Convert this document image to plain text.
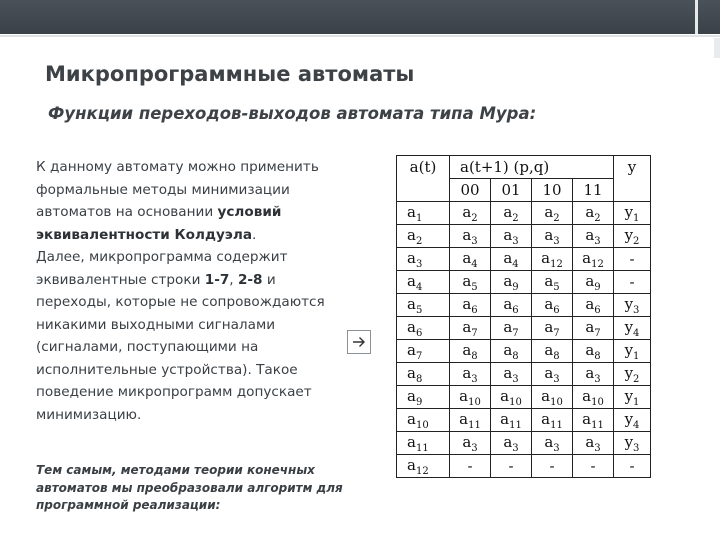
Микропрограммные автоматы
Функции переходов-выходов автомата типа Мура:
К данному автомату можно применить формальные методы минимизации автоматов на основании условий эквивалентности Колдуэла.
Далее, микропрограмма содержит эквивалентные строки 1-7, 2-8 и переходы, которые не сопровождаются никакими выходными сигналами (сигналами, поступающими на исполнительные устройства). Такое поведение микропрограмм допускает минимизацию.
Тем самым, методами теории конечных автоматов мы преобразовали алгоритм для программной реализации:
a(t)	a(t+1) (p,q)				y
	00	01	10	11	
$a_1$	$a_2$	$a_2$	$a_2$	$a_2$	$y_1$
$a_2$	$a_3$	$a_3$	$a_3$	$a_3$	$y_2$
$a_3$	$a_4$	$a_4$	$a_{12}$	$a_{12}$	-
$a_4$	$a_5$	$a_9$	$a_5$	$a_9$	-
$a_5$	$a_6$	$a_6$	$a_6$	$a_6$	$y_3$
$a_6$	$a_7$	$a_7$	$a_7$	$a_7$	$y_4$
$a_7$	$a_8$	$a_8$	$a_8$	$a_8$	$y_1$
$a_8$	$a_3$	$a_3$	$a_3$	$a_3$	$y_2$
$a_9$	$a_{10}$	$a_{10}$	$a_{10}$	$a_{10}$	$y_1$
$a_{10}$	$a_{11}$	$a_{11}$	$a_{11}$	$a_{11}$	$y_4$
$a_{11}$	$a_3$	$a_3$	$a_3$	$a_3$	$y_3$
$a_{12}$	-	-	-	-	-
